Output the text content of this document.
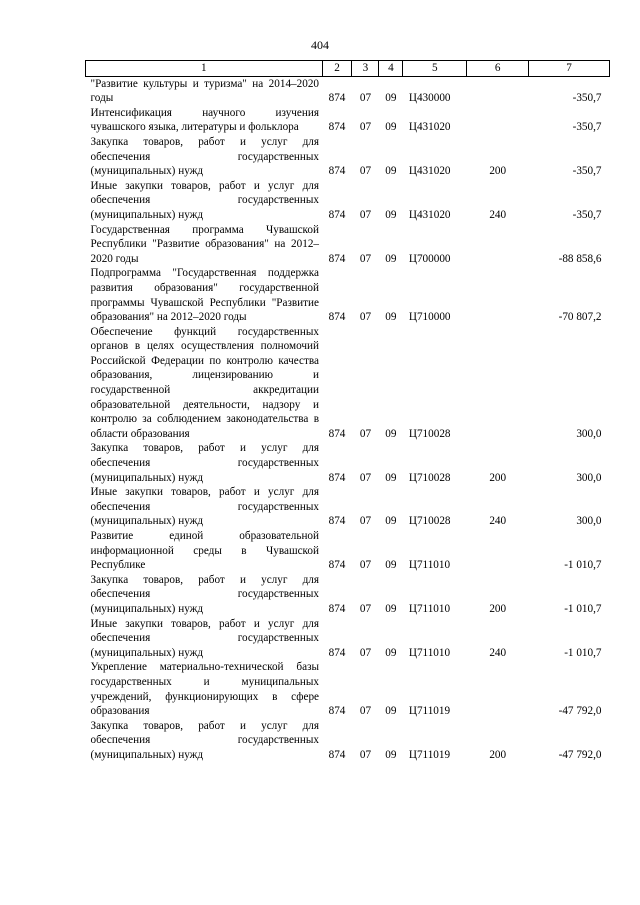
404
1	2	3	4	5	6	7
"Развитие культуры и туризма" на 2014–2020 годы	874	07	09	Ц430000		-350,7
Интенсификация научного изучения чувашского языка, литературы и фольклора	874	07	09	Ц431020		-350,7
Закупка товаров, работ и услуг для обеспечения государственных (муниципальных) нужд	874	07	09	Ц431020	200	-350,7
Иные закупки товаров, работ и услуг для обеспечения государственных (муниципальных) нужд	874	07	09	Ц431020	240	-350,7
Государственная программа Чувашской Республики "Развитие образования" на 2012–2020 годы	874	07	09	Ц700000		-88 858,6
Подпрограмма "Государственная поддержка развития образования" государственной программы Чувашской Республики "Развитие образования" на 2012–2020 годы	874	07	09	Ц710000		-70 807,2
Обеспечение функций государственных органов в целях осуществления полномочий Российской Федерации по контролю качества образования, лицензированию и государственной аккредитации образовательной деятельности, надзору и контролю за соблюдением законодательства в области образования	874	07	09	Ц710028		300,0
Закупка товаров, работ и услуг для обеспечения государственных (муниципальных) нужд	874	07	09	Ц710028	200	300,0
Иные закупки товаров, работ и услуг для обеспечения государственных (муниципальных) нужд	874	07	09	Ц710028	240	300,0
Развитие единой образовательной информационной среды в Чувашской Республике	874	07	09	Ц711010		-1 010,7
Закупка товаров, работ и услуг для обеспечения государственных (муниципальных) нужд	874	07	09	Ц711010	200	-1 010,7
Иные закупки товаров, работ и услуг для обеспечения государственных (муниципальных) нужд	874	07	09	Ц711010	240	-1 010,7
Укрепление материально-технической базы государственных и муниципальных учреждений, функционирующих в сфере образования	874	07	09	Ц711019		-47 792,0
Закупка товаров, работ и услуг для обеспечения государственных (муниципальных) нужд	874	07	09	Ц711019	200	-47 792,0
